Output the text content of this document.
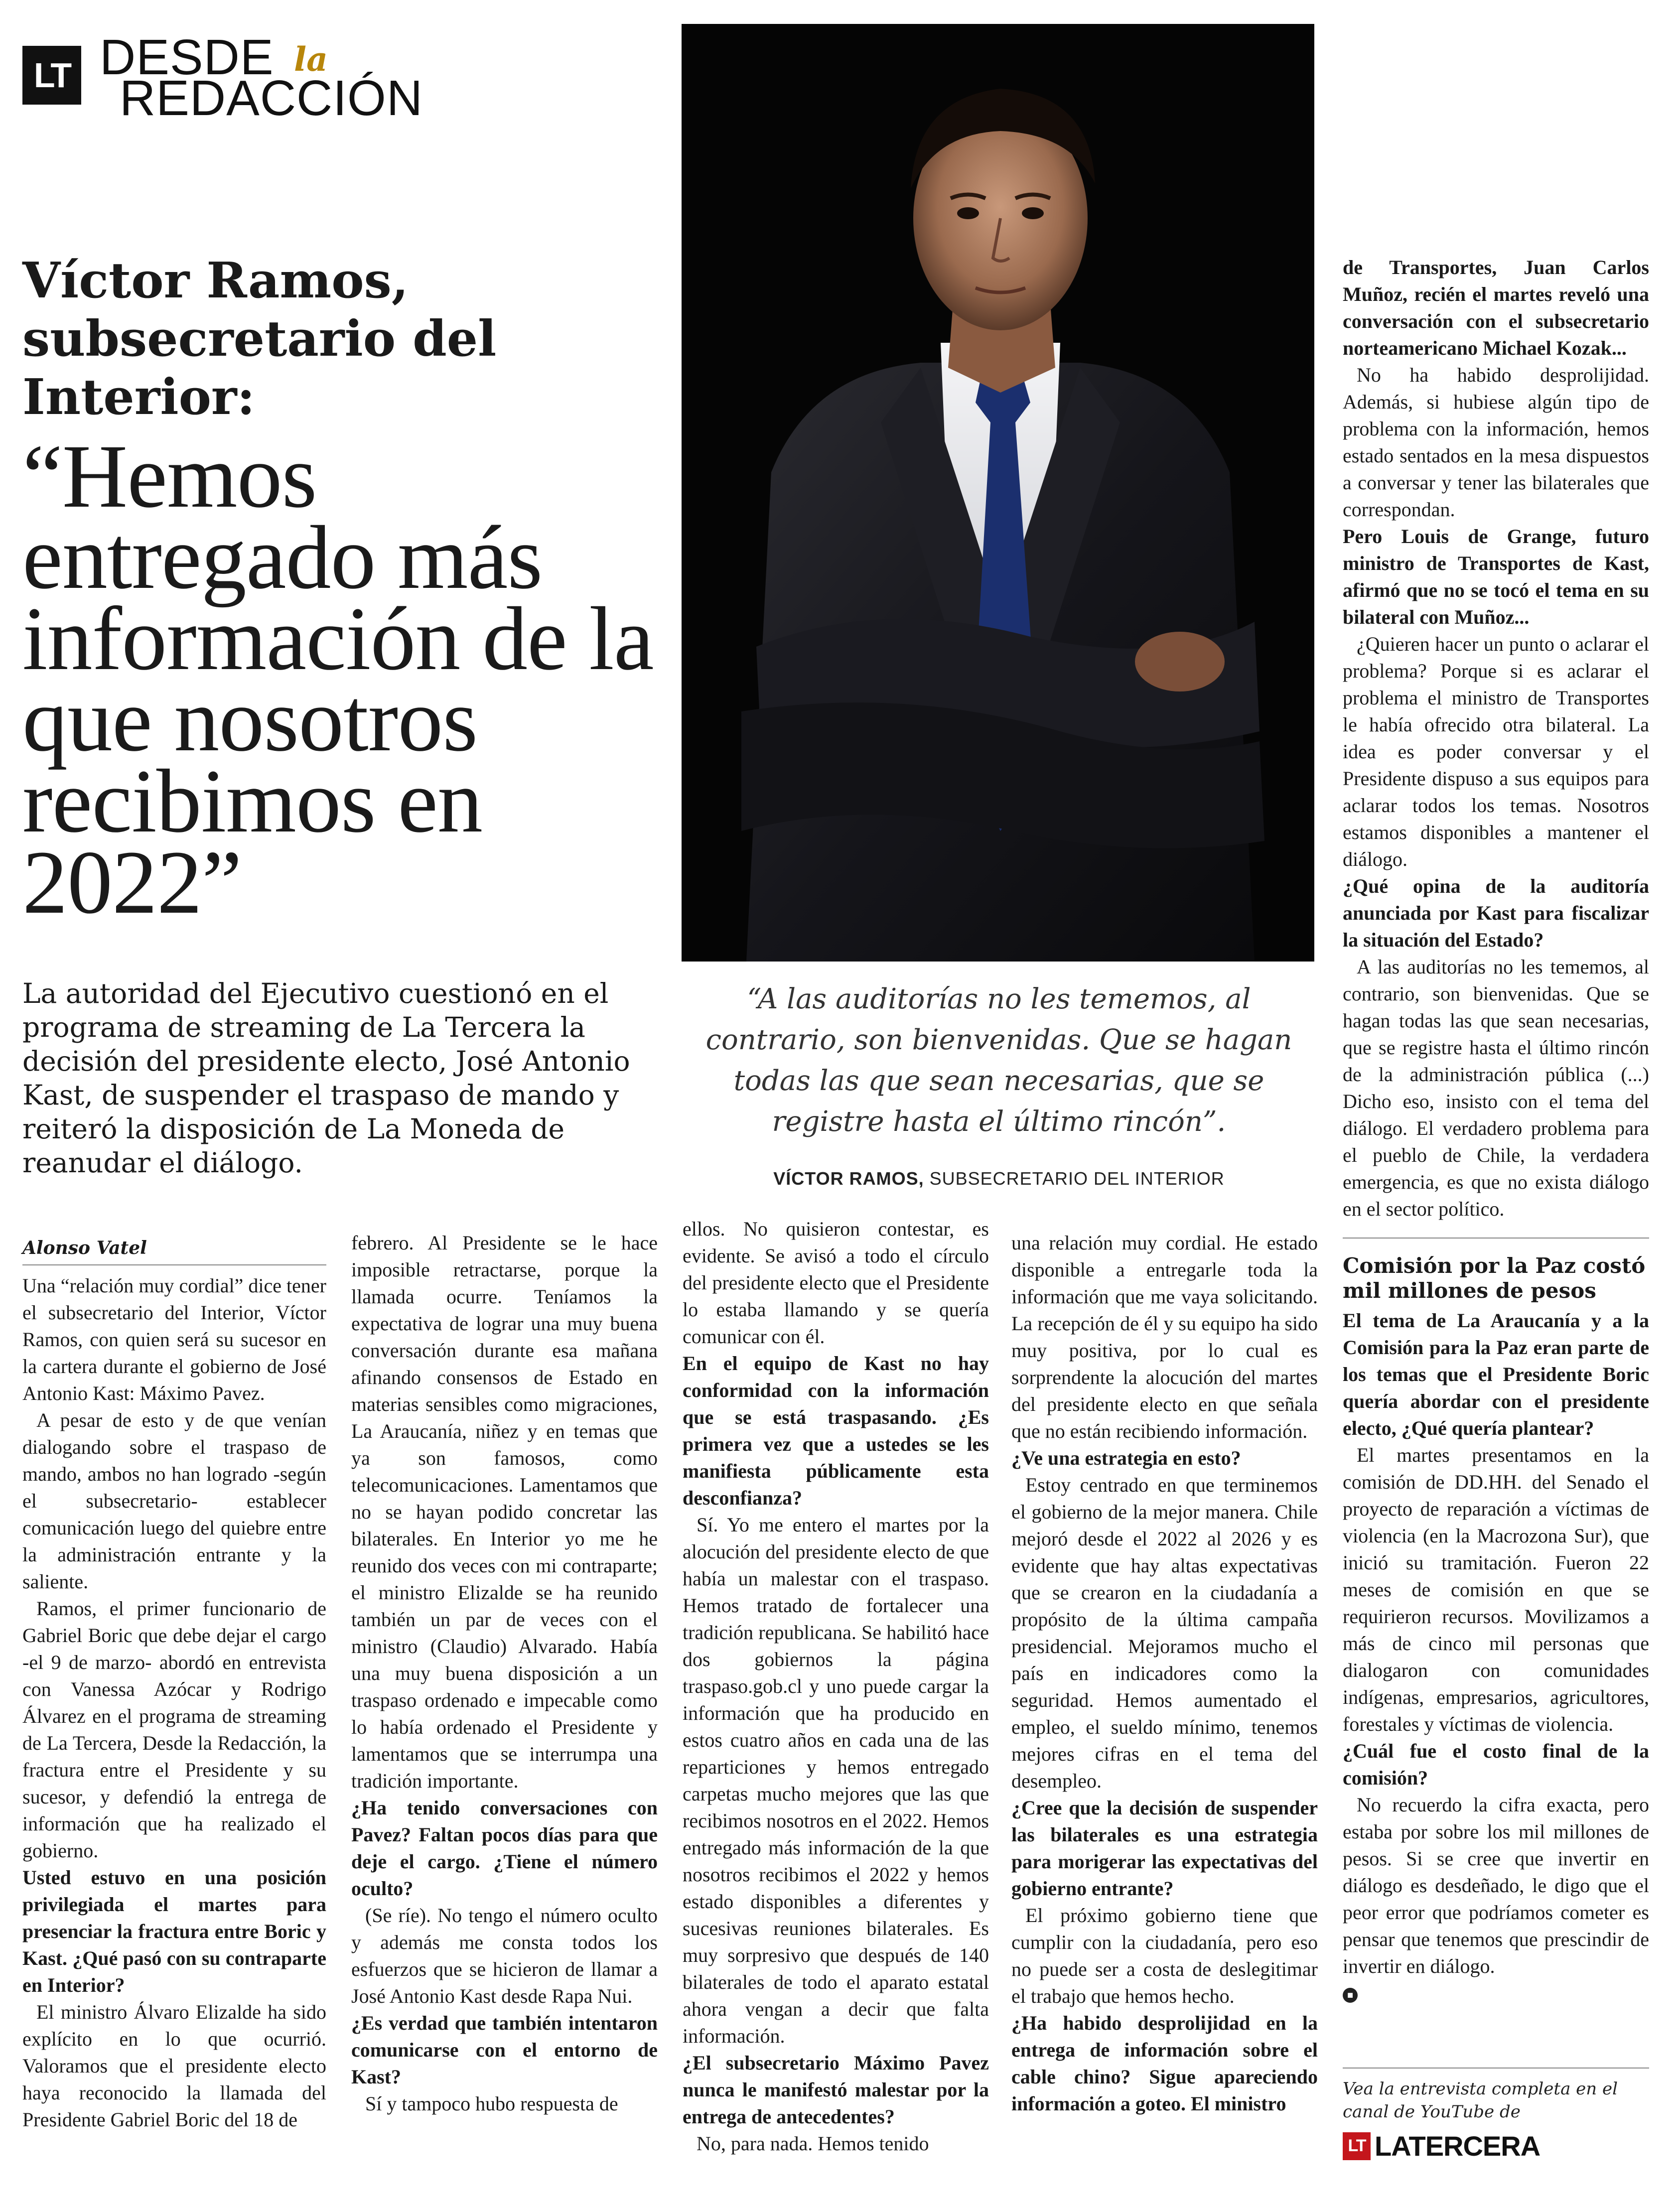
LT DESDE la
REDACCIÓN
Víctor Ramos, subsecretario del Interior:
“Hemos entregado más información de la que nosotros recibimos en 2022”
La autoridad del Ejecutivo cuestionó en el programa de streaming de La Tercera la decisión del presidente electo, José Antonio Kast, de suspender el traspaso de mando y reiteró la disposición de La Moneda de reanudar el diálogo.
“A las auditorías no les tememos, al contrario, son bienvenidas. Que se hagan todas las que sean necesarias, que se registre hasta el último rincón”.
VÍCTOR RAMOS, SUBSECRETARIO DEL INTERIOR
Alonso Vatel

Una “relación muy cordial” dice tener el subsecretario del Interior, Víctor Ramos, con quien será su sucesor en la cartera durante el gobierno de José Antonio Kast: Máximo Pavez.

A pesar de esto y de que venían dialogando sobre el traspaso de mando, ambos no han logrado -según el subsecretario- establecer comunicación luego del quiebre entre la administración entrante y la saliente.

Ramos, el primer funcionario de Gabriel Boric que debe dejar el cargo -el 9 de marzo- abordó en entrevista con Vanessa Azócar y Rodrigo Álvarez en el programa de streaming de La Tercera, Desde la Redacción, la fractura entre el Presidente y su sucesor, y defendió la entrega de información que ha realizado el gobierno.

Usted estuvo en una posición privilegiada el martes para presenciar la fractura entre Boric y Kast. ¿Qué pasó con su contraparte en Interior?

El ministro Álvaro Elizalde ha sido explícito en lo que ocurrió. Valoramos que el presidente electo haya reconocido la llamada del Presidente Gabriel Boric del 18 de

febrero. Al Presidente se le hace imposible retractarse, porque la llamada ocurre. Teníamos la expectativa de lograr una muy buena conversación durante esa mañana afinando consensos de Estado en materias sensibles como migraciones, La Araucanía, niñez y en temas que ya son famosos, como telecomunicaciones. Lamentamos que no se hayan podido concretar las bilaterales. En Interior yo me he reunido dos veces con mi contraparte; el ministro Elizalde se ha reunido también un par de veces con el ministro (Claudio) Alvarado. Había una muy buena disposición a un traspaso ordenado e impecable como lo había ordenado el Presidente y lamentamos que se interrumpa una tradición importante.

¿Ha tenido conversaciones con Pavez? Faltan pocos días para que deje el cargo. ¿Tiene el número oculto?

(Se ríe). No tengo el número oculto y además me consta todos los esfuerzos que se hicieron de llamar a José Antonio Kast desde Rapa Nui.

¿Es verdad que también intentaron comunicarse con el entorno de Kast?

Sí y tampoco hubo respuesta de

ellos. No quisieron contestar, es evidente. Se avisó a todo el círculo del presidente electo que el Presidente lo estaba llamando y se quería comunicar con él.

En el equipo de Kast no hay conformidad con la información que se está traspasando. ¿Es primera vez que a ustedes se les manifiesta públicamente esta desconfianza?

Sí. Yo me entero el martes por la alocución del presidente electo de que había un malestar con el traspaso. Hemos tratado de fortalecer una tradición republicana. Se habilitó hace dos gobiernos la página traspaso.gob.cl y uno puede cargar la información que ha producido en estos cuatro años en cada una de las reparticiones y hemos entregado carpetas mucho mejores que las que recibimos nosotros en el 2022. Hemos entregado más información de la que nosotros recibimos el 2022 y hemos estado disponibles a diferentes y sucesivas reuniones bilaterales. Es muy sorpresivo que después de 140 bilaterales de todo el aparato estatal ahora vengan a decir que falta información.

¿El subsecretario Máximo Pavez nunca le manifestó malestar por la entrega de antecedentes?

No, para nada. Hemos tenido

una relación muy cordial. He estado disponible a entregarle toda la información que me vaya solicitando. La recepción de él y su equipo ha sido muy positiva, por lo cual es sorprendente la alocución del martes del presidente electo en que señala que no están recibiendo información.

¿Ve una estrategia en esto?

Estoy centrado en que terminemos el gobierno de la mejor manera. Chile mejoró desde el 2022 al 2026 y es evidente que hay altas expectativas que se crearon en la ciudadanía a propósito de la última campaña presidencial. Mejoramos mucho el país en indicadores como la seguridad. Hemos aumentado el empleo, el sueldo mínimo, tenemos mejores cifras en el tema del desempleo.

¿Cree que la decisión de suspender las bilaterales es una estrategia para morigerar las expectativas del gobierno entrante?

El próximo gobierno tiene que cumplir con la ciudadanía, pero eso no puede ser a costa de deslegitimar el trabajo que hemos hecho.

¿Ha habido desprolijidad en la entrega de información sobre el cable chino? Sigue apareciendo información a goteo. El ministro

de Transportes, Juan Carlos Muñoz, recién el martes reveló una conversación con el subsecretario norteamericano Michael Kozak...

No ha habido desprolijidad. Además, si hubiese algún tipo de problema con la información, hemos estado sentados en la mesa dispuestos a conversar y tener las bilaterales que correspondan.

Pero Louis de Grange, futuro ministro de Transportes de Kast, afirmó que no se tocó el tema en su bilateral con Muñoz...

¿Quieren hacer un punto o aclarar el problema? Porque si es aclarar el problema el ministro de Transportes le había ofrecido otra bilateral. La idea es poder conversar y el Presidente dispuso a sus equipos para aclarar todos los temas. Nosotros estamos disponibles a mantener el diálogo.

¿Qué opina de la auditoría anunciada por Kast para fiscalizar la situación del Estado?

A las auditorías no les tememos, al contrario, son bienvenidas. Que se hagan todas las que sean necesarias, que se registre hasta el último rincón de la administración pública (...) Dicho eso, insisto con el tema del diálogo. El verdadero problema para el pueblo de Chile, la verdadera emergencia, es que no exista diálogo en el sector político.

Comisión por la Paz costó mil millones de pesos

El tema de La Araucanía y a la Comisión para la Paz eran parte de los temas que el Presidente Boric quería abordar con el presidente electo, ¿Qué quería plantear?

El martes presentamos en la comisión de DD.HH. del Senado el proyecto de reparación a víctimas de violencia (en la Macrozona Sur), que inició su tramitación. Fueron 22 meses de comisión en que se requirieron recursos. Movilizamos a más de cinco mil personas que dialogaron con comunidades indígenas, empresarios, agricultores, forestales y víctimas de violencia.

¿Cuál fue el costo final de la comisión?

No recuerdo la cifra exacta, pero estaba por sobre los mil millones de pesos. Si se cree que invertir en diálogo es desdeñado, le digo que el peor error que podríamos cometer es pensar que tenemos que prescindir de invertir en diálogo.

■
Vea la entrevista completa en el canal de YouTube de
LT LATERCERA
